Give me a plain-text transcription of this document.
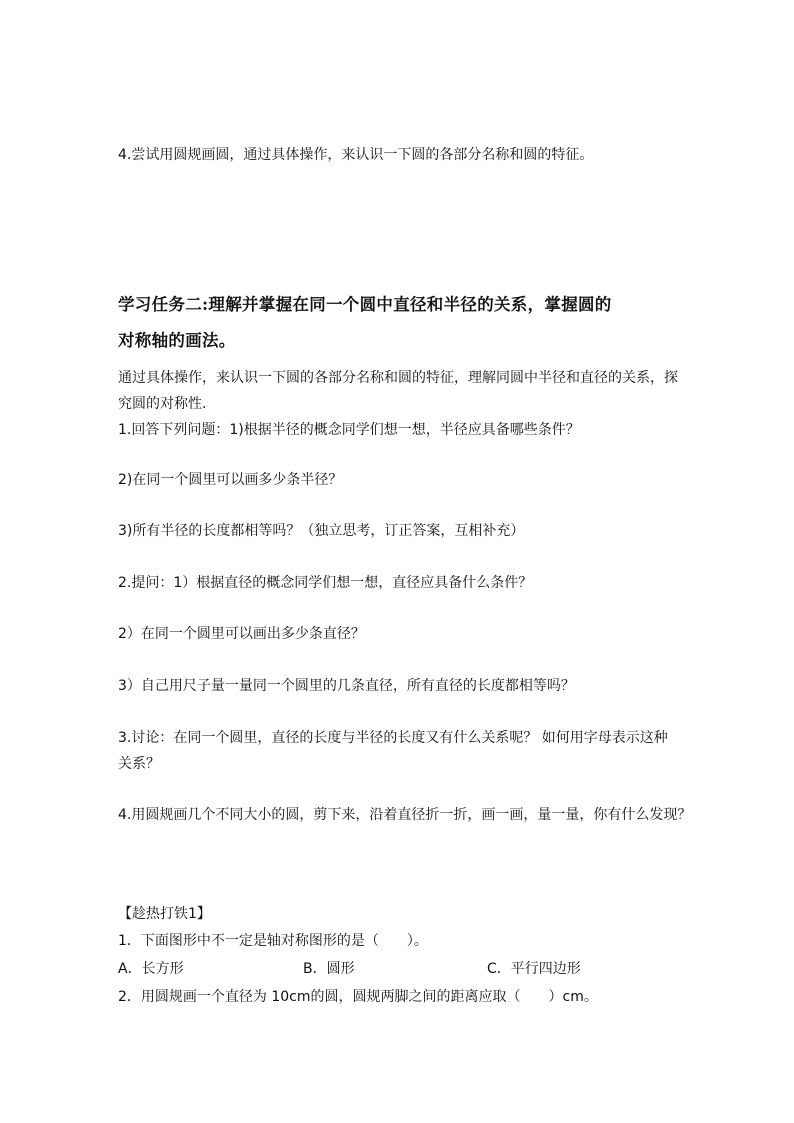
4.尝试用圆规画圆，通过具体操作，来认识一下圆的各部分名称和圆的特征。
学习任务二:理解并掌握在同一个圆中直径和半径的关系，掌握圆的
对称轴的画法。
通过具体操作，来认识一下圆的各部分名称和圆的特征，理解同圆中半径和直径的关系，探
究圆的对称性.
1.回答下列问题：1)根据半径的概念同学们想一想，半径应具备哪些条件？
2)在同一个圆里可以画多少条半径？
3)所有半径的长度都相等吗？（独立思考，订正答案，互相补充）
2.提问：1）根据直径的概念同学们想一想，直径应具备什么条件？
2）在同一个圆里可以画出多少条直径？
3）自己用尺子量一量同一个圆里的几条直径，所有直径的长度都相等吗？
3.讨论：在同一个圆里，直径的长度与半径的长度又有什么关系呢？ 如何用字母表示这种
关系？
4.用圆规画几个不同大小的圆，剪下来，沿着直径折一折，画一画，量一量，你有什么发现？
【趁热打铁1】
1．下面图形中不一定是轴对称图形的是（　　）。
A．长方形	B．圆形	C．平行四边形
2．用圆规画一个直径为 10cm的圆，圆规两脚之间的距离应取（　　）cm。
